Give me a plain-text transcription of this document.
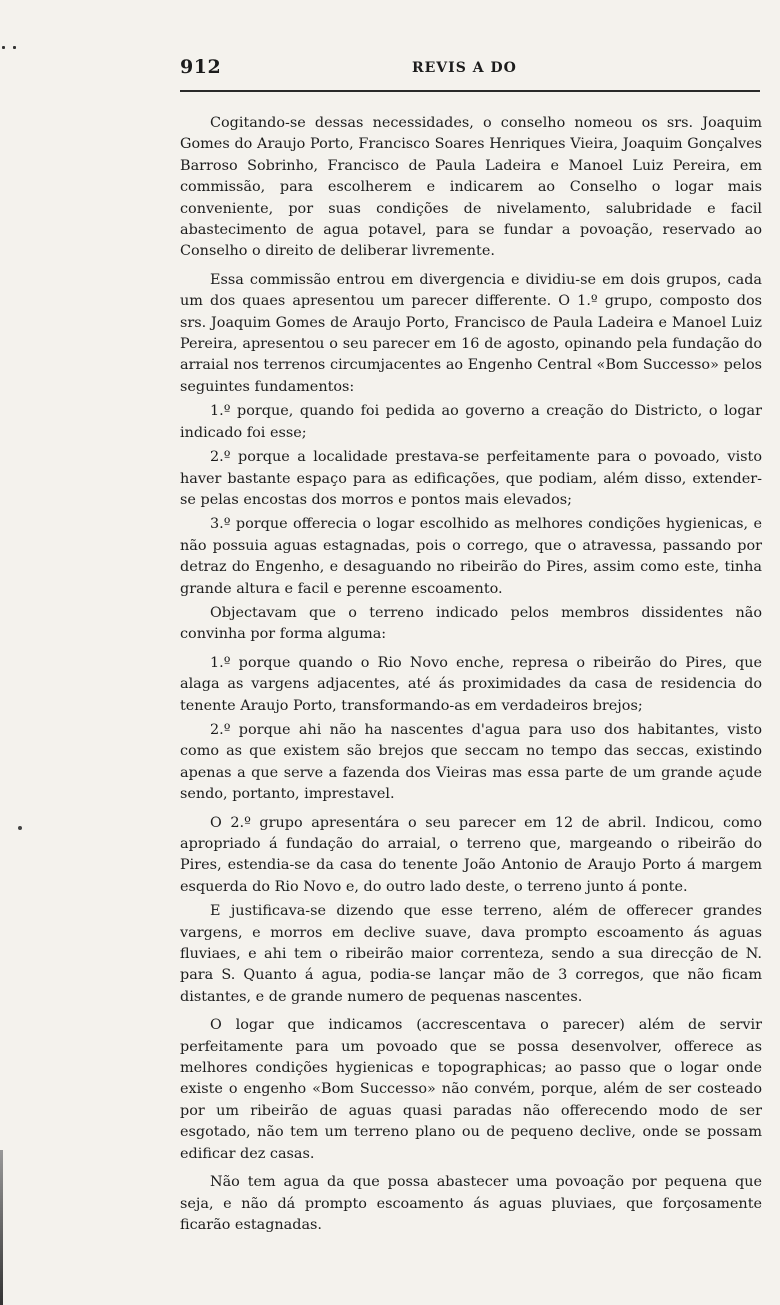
912	REVIS A DO

Cogitando-se dessas necessidades, o conselho nomeou os srs. Joaquim Gomes do Araujo Porto, Francisco Soares Henriques Vieira, Joaquim Gonçalves Barroso Sobrinho, Francisco de Paula Ladeira e Manoel Luiz Pereira, em commissão, para escolherem e indicarem ao Conselho o logar mais conveniente, por suas condições de nivelamento, salubridade e facil abastecimento de agua potavel, para se fundar a povoação, reservado ao Conselho o direito de deliberar livremente.

Essa commissão entrou em divergencia e dividiu-se em dois grupos, cada um dos quaes apresentou um parecer differente. O 1.º grupo, composto dos srs. Joaquim Gomes de Araujo Porto, Francisco de Paula Ladeira e Manoel Luiz Pereira, apresentou o seu parecer em 16 de agosto, opinando pela fundação do arraial nos terrenos circumjacentes ao Engenho Central «Bom Successo» pelos seguintes fundamentos:

1.º porque, quando foi pedida ao governo a creação do Districto, o logar indicado foi esse;

2.º porque a localidade prestava-se perfeitamente para o povoado, visto haver bastante espaço para as edificações, que podiam, além disso, extender-se pelas encostas dos morros e pontos mais elevados;

3.º porque offerecia o logar escolhido as melhores condições hygienicas, e não possuia aguas estagnadas, pois o corrego, que o atravessa, passando por detraz do Engenho, e desaguando no ribeirão do Pires, assim como este, tinha grande altura e facil e perenne escoamento.

Objectavam que o terreno indicado pelos membros dissidentes não convinha por forma alguma:

1.º porque quando o Rio Novo enche, represa o ribeirão do Pires, que alaga as vargens adjacentes, até ás proximidades da casa de residencia do tenente Araujo Porto, transformando-as em verdadeiros brejos;

2.º porque ahi não ha nascentes d'agua para uso dos habitantes, visto como as que existem são brejos que seccam no tempo das seccas, existindo apenas a que serve a fazenda dos Vieiras mas essa parte de um grande açude sendo, portanto, imprestavel.

O 2.º grupo apresentára o seu parecer em 12 de abril. Indicou, como apropriado á fundação do arraial, o terreno que, margeando o ribeirão do Pires, estendia-se da casa do tenente João Antonio de Araujo Porto á margem esquerda do Rio Novo e, do outro lado deste, o terreno junto á ponte.

E justificava-se dizendo que esse terreno, além de offerecer grandes vargens, e morros em declive suave, dava prompto escoamento ás aguas fluviaes, e ahi tem o ribeirão maior correnteza, sendo a sua direcção de N. para S. Quanto á agua, podia-se lançar mão de 3 corregos, que não ficam distantes, e de grande numero de pequenas nascentes.

O logar que indicamos (accrescentava o parecer) além de servir perfeitamente para um povoado que se possa desenvolver, offerece as melhores condições hygienicas e topographicas; ao passo que o logar onde existe o engenho «Bom Successo» não convém, porque, além de ser costeado por um ribeirão de aguas quasi paradas não offerecendo modo de ser esgotado, não tem um terreno plano ou de pequeno declive, onde se possam edificar dez casas.

Não tem agua da que possa abastecer uma povoação por pequena que seja, e não dá prompto escoamento ás aguas pluviaes, que forçosamente ficarão estagnadas.
